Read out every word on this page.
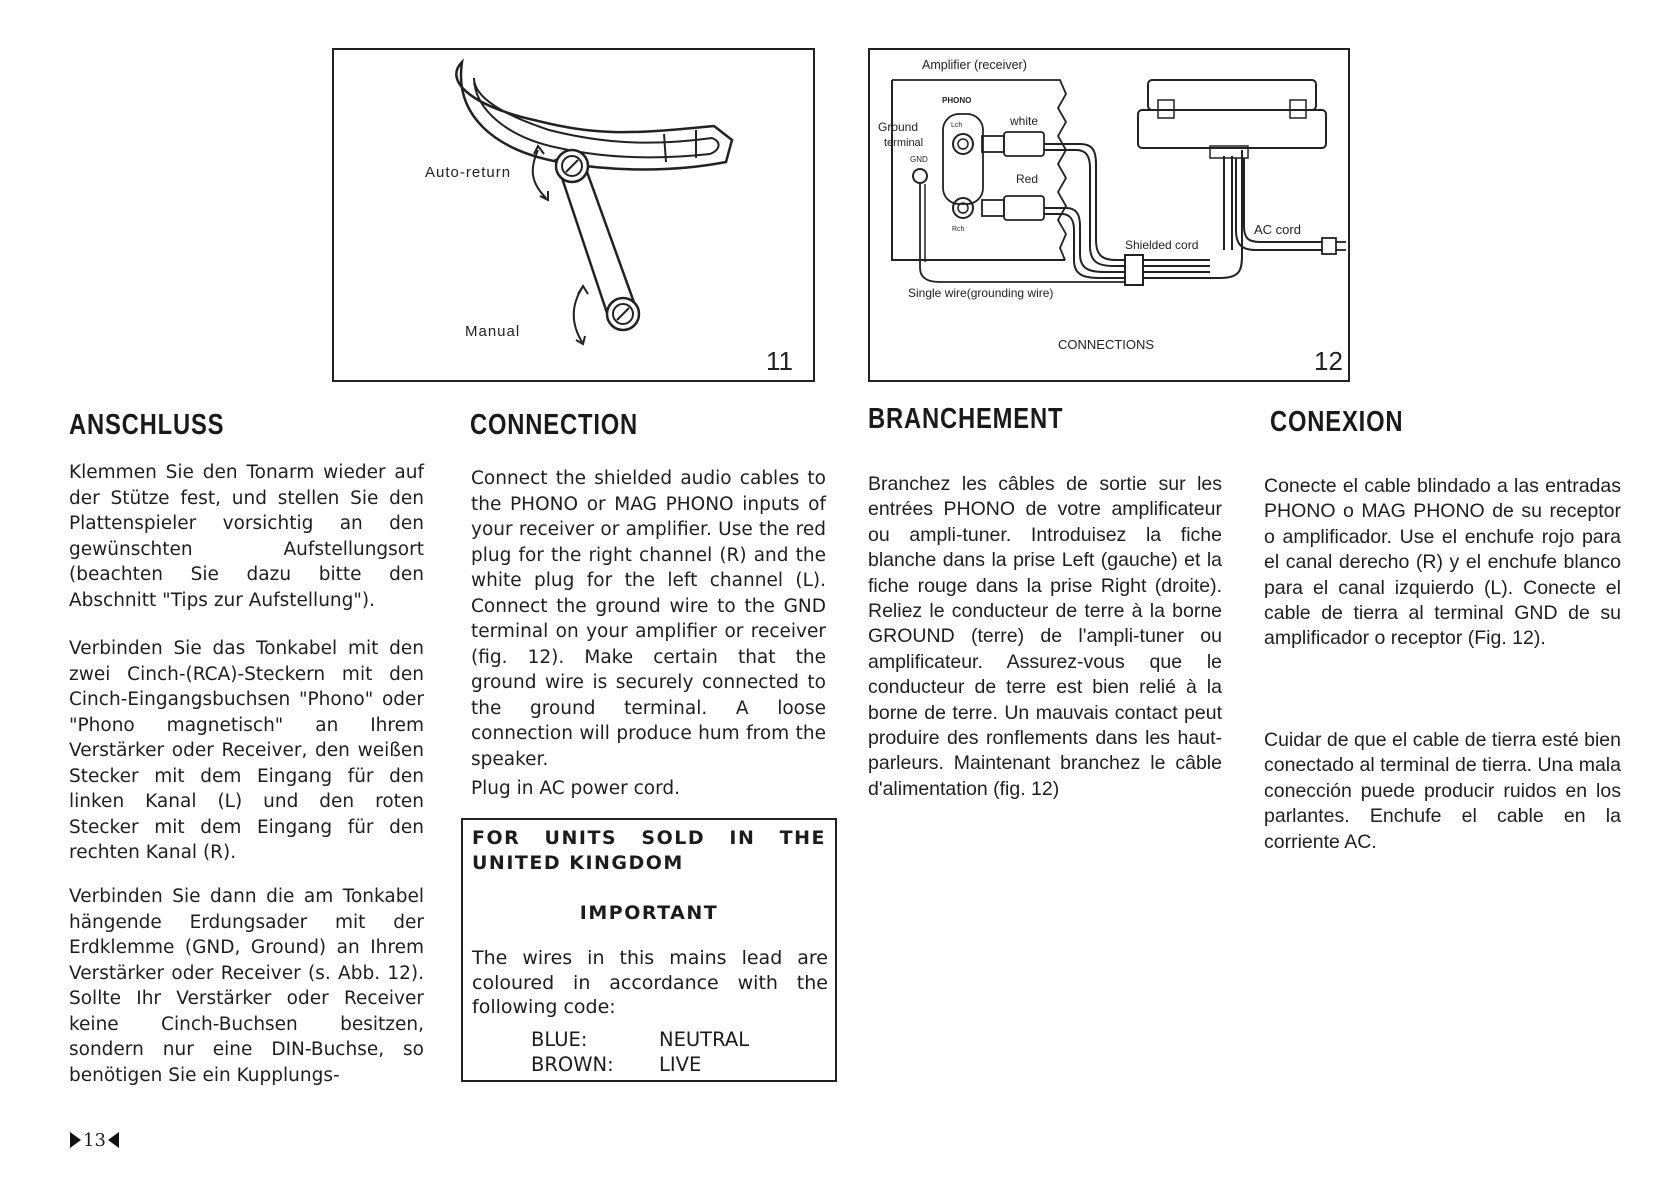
Auto-return
Manual
11
Amplifier (receiver)
PHONO
Ground
terminal
GND
Lch
Rch
white
Red
Shielded cord
AC cord
Single wire(grounding wire)
CONNECTIONS
12
ANSCHLUSS

Klemmen Sie den Tonarm wieder auf der Stütze fest, und stellen Sie den Plattenspieler vorsichtig an den gewünschten Aufstellungsort (beachten Sie dazu bitte den Abschnitt "Tips zur Aufstellung").

Verbinden Sie das Tonkabel mit den zwei Cinch-(RCA)-Steckern mit den Cinch-Eingangsbuchsen "Phono" oder "Phono magnetisch" an Ihrem Verstärker oder Receiver, den weißen Stecker mit dem Eingang für den linken Kanal (L) und den roten Stecker mit dem Eingang für den rechten Kanal (R).

Verbinden Sie dann die am Tonkabel hängende Erdungsader mit der Erdklemme (GND, Ground) an Ihrem Verstärker oder Receiver (s. Abb. 12). Sollte Ihr Verstärker oder Receiver keine Cinch-Buchsen besitzen, sondern nur eine DIN-Buchse, so benötigen Sie ein Kupplungs-

CONNECTION

Connect the shielded audio cables to the PHONO or MAG PHONO inputs of your receiver or amplifier. Use the red plug for the right channel (R) and the white plug for the left channel (L). Connect the ground wire to the GND terminal on your amplifier or receiver (fig. 12). Make certain that the ground wire is securely connected to the ground terminal. A loose connection will produce hum from the speaker.

Plug in AC power cord.

FOR UNITS SOLD IN THE UNITED KINGDOM

IMPORTANT

The wires in this mains lead are coloured in accordance with the following code:

BLUE:	NEUTRAL
BROWN: LIVE
BRANCHEMENT

Branchez les câbles de sortie sur les entrées PHONO de votre amplificateur ou ampli-tuner. Introduisez la fiche blanche dans la prise Left (gauche) et la fiche rouge dans la prise Right (droite). Reliez le conducteur de terre à la borne GROUND (terre) de l'ampli-tuner ou amplificateur. Assurez-vous que le conducteur de terre est bien relié à la borne de terre. Un mauvais contact peut produire des ronflements dans les haut-parleurs. Maintenant branchez le câble d'alimentation (fig. 12)

CONEXION

Conecte el cable blindado a las entradas PHONO o MAG PHONO de su receptor o amplificador. Use el enchufe rojo para el canal derecho (R) y el enchufe blanco para el canal izquierdo (L). Conecte el cable de tierra al terminal GND de su amplificador o receptor (Fig. 12).

Cuidar de que el cable de tierra esté bien conectado al terminal de tierra. Una mala conección puede producir ruidos en los parlantes. Enchufe el cable en la corriente AC.

13
